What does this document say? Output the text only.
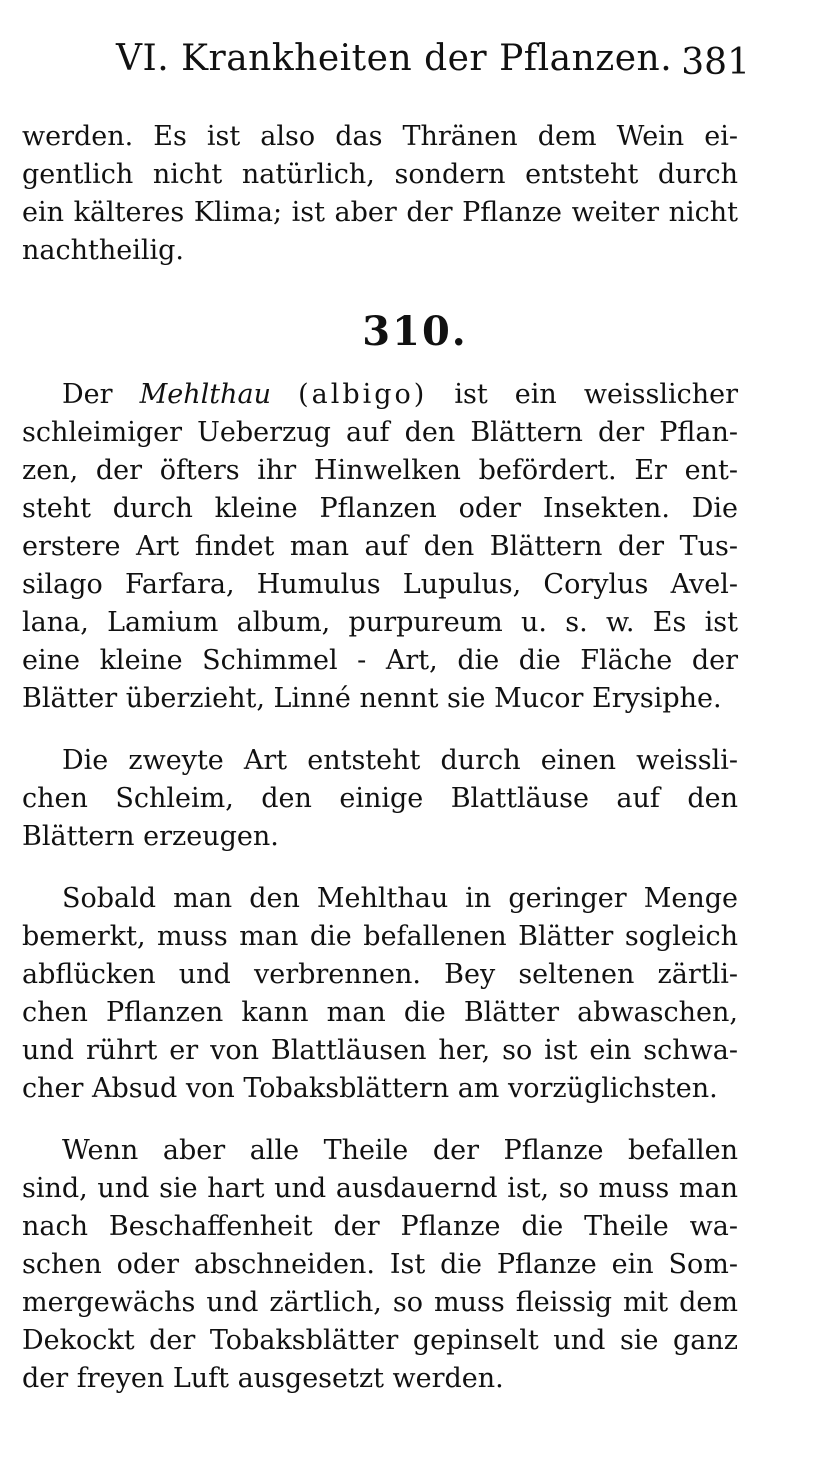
VI. Krankheiten der Pflanzen. 381
werden. Es ist also das Thränen dem Wein ei-
gentlich nicht natürlich, sondern entsteht durch
ein kälteres Klima; ist aber der Pflanze weiter nicht
nachtheilig.
310.
Der Mehlthau (albigo) ist ein weisslicher
schleimiger Ueberzug auf den Blättern der Pflan-
zen, der öfters ihr Hinwelken befördert. Er ent-
steht durch kleine Pflanzen oder Insekten. Die
erstere Art findet man auf den Blättern der Tus-
silago Farfara, Humulus Lupulus, Corylus Avel-
lana, Lamium album, purpureum u. s. w. Es ist
eine kleine Schimmel - Art, die die Fläche der
Blätter überzieht, Linné nennt sie Mucor Erysiphe.
Die zweyte Art entsteht durch einen weissli-
chen Schleim, den einige Blattläuse auf den
Blättern erzeugen.
Sobald man den Mehlthau in geringer Menge
bemerkt, muss man die befallenen Blätter sogleich
abflücken und verbrennen. Bey seltenen zärtli-
chen Pflanzen kann man die Blätter abwaschen,
und rührt er von Blattläusen her, so ist ein schwa-
cher Absud von Tobaksblättern am vorzüglichsten.
Wenn aber alle Theile der Pflanze befallen
sind, und sie hart und ausdauernd ist, so muss man
nach Beschaffenheit der Pflanze die Theile wa-
schen oder abschneiden. Ist die Pflanze ein Som-
mergewächs und zärtlich, so muss fleissig mit dem
Dekockt der Tobaksblätter gepinselt und sie ganz
der freyen Luft ausgesetzt werden.
